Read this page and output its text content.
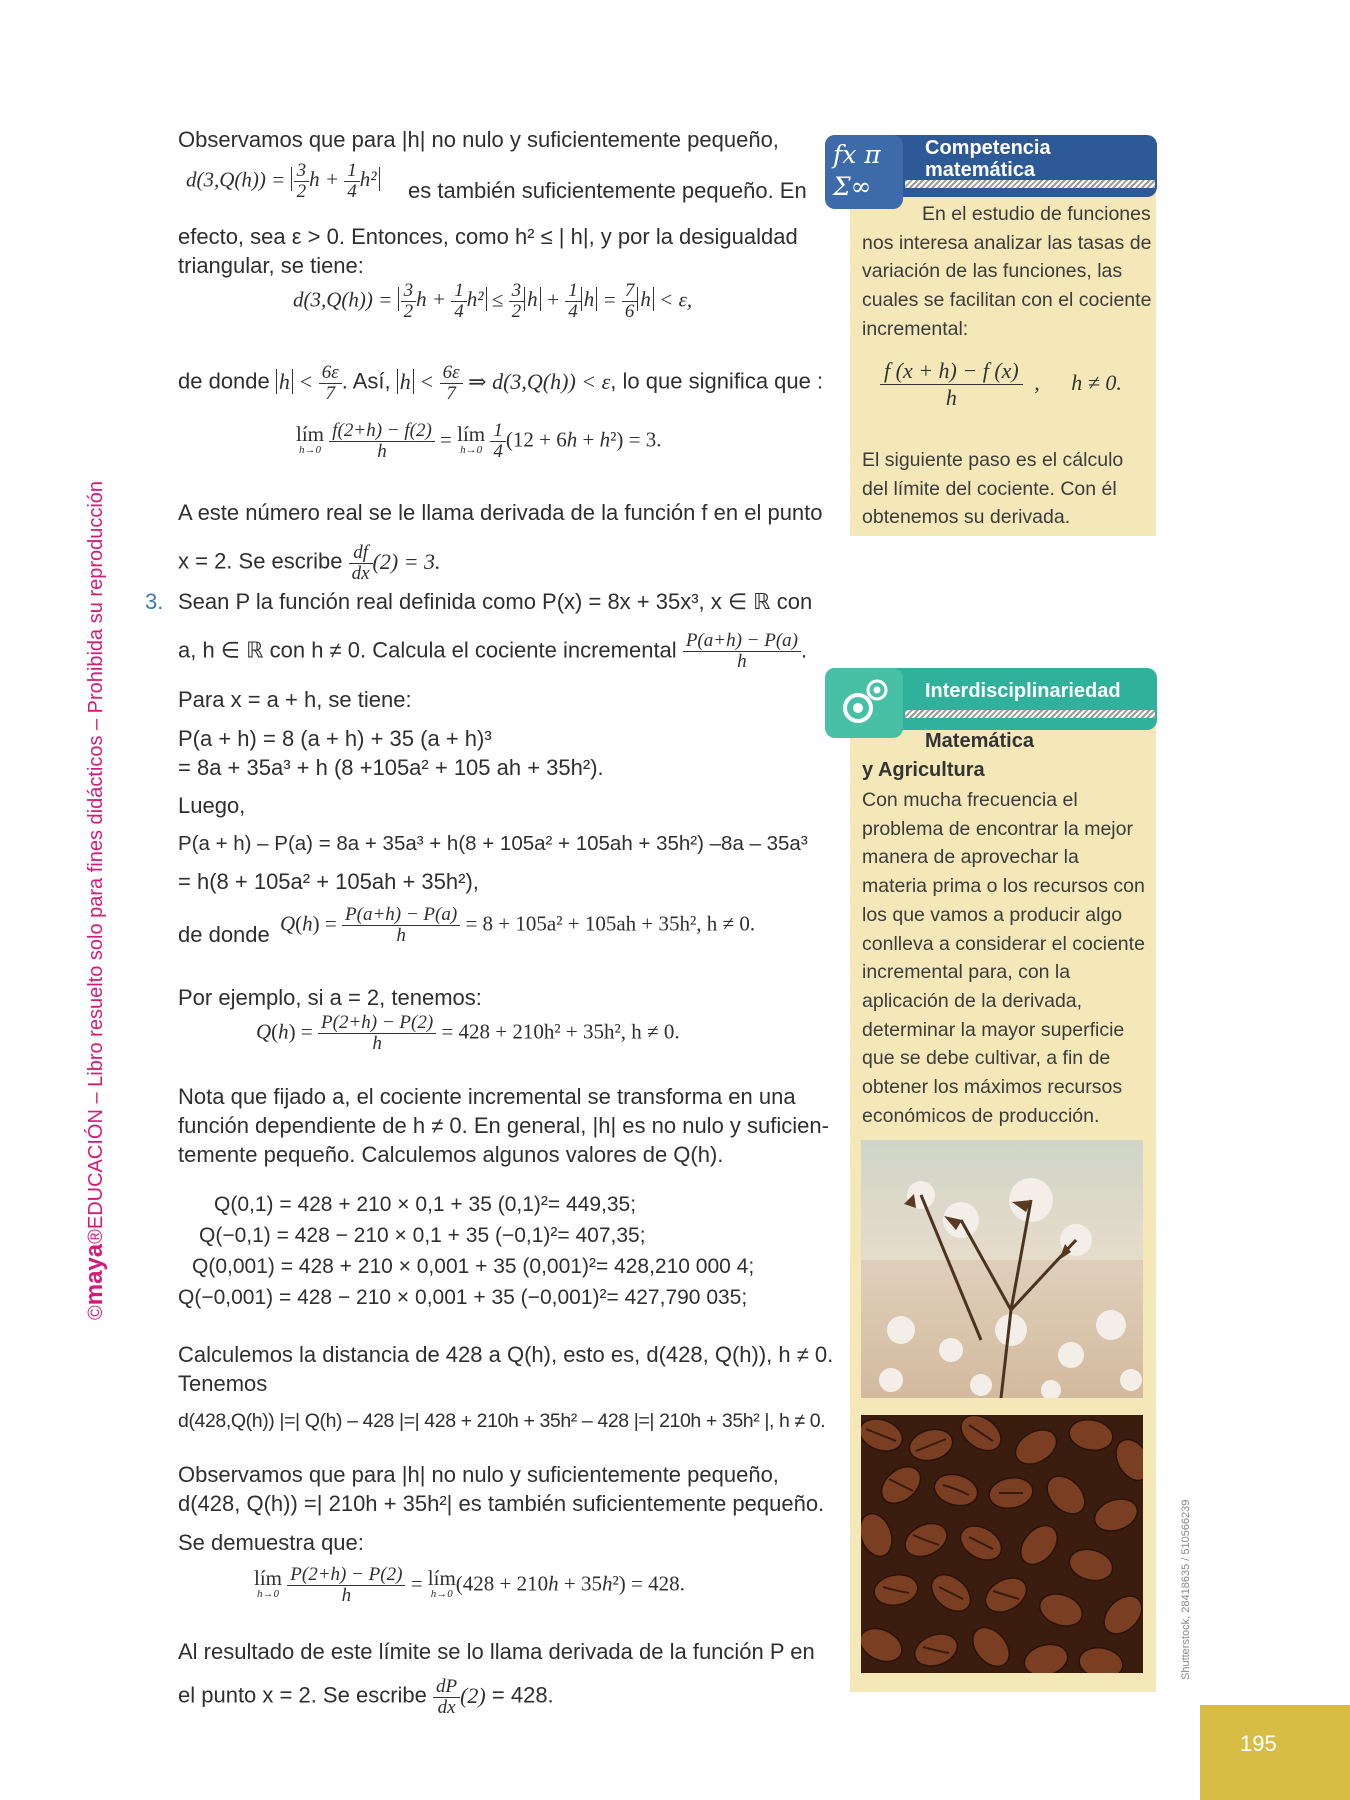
©maya®EDUCACIÓN – Libro resuelto solo para fines didácticos – Prohibida su reproducción
Shutterstock, 28418635 / 510566239
195
Observamos que para |h| no nulo y suficientemente pequeño,
$d(3,Q(h)) = \frac{3}{2}$ $h + \frac{1}{4} h^2$ es también suficientemente pequeño. En
efecto, sea ε > 0. Entonces, como h² ≤ | h|, y por la desigualdad
triangular, se tiene:
$d(3,Q(h)) = \frac{3}{2}$ $h + \frac{1}{4} h^2 \le \frac{3}{2}$ $h + \frac{1}{4}$ $h = \frac{7}{6}$ h < ε,
de donde $h < \frac{6\varepsilon}{7}$ . Así, $h < \frac{6\varepsilon}{7}$ ⇒ d(3,Q(h)) < ε, lo que significa que :
lím
h→0
$\frac{f(2+h) - f(2)}{h}$ = lím
h→0
$\frac{1}{4} (12 + 6h + h^2) = 3$.
A este número real se le llama derivada de la función f en el punto
x = 2. Se escribe $\frac{df}{dx} (2) = 3$.
3. Sean P la función real definida como P(x) = 8x + 35x³, x ∈ ℝ con
a, h ∈ ℝ con h ≠ 0. Calcula el cociente incremental $\frac{P(a+h) - P(a)}{h}$ .
Para x = a + h, se tiene:
P(a + h) = 8 (a + h) + 35 (a + h)³
= 8a + 35a³ + h (8 +105a² + 105 ah + 35h²).
Luego,
P(a + h) – P(a) = 8a + 35a³ + h(8 + 105a² + 105ah + 35h²) –8a – 35a³
= h(8 + 105a² + 105ah + 35h²),
de donde $Q(h) = \frac{P(a+h) - P(a)}{h} = 8 + 105a^2 + 105ah + 35h^2$, h ≠ 0.
Por ejemplo, si a = 2, tenemos:
$Q(h) = \frac{P(2+h) - P(2)}{h} = 428 + 210h^2 + 35h^2$, h ≠ 0.
Nota que fijado a, el cociente incremental se transforma en una
función dependiente de h ≠ 0. En general, |h| es no nulo y suficien-
temente pequeño. Calculemos algunos valores de Q(h).
Q(0,1) = 428 + 210 × 0,1 + 35 (0,1)²= 449,35;
Q(−0,1) = 428 − 210 × 0,1 + 35 (−0,1)²= 407,35;
Q(0,001) = 428 + 210 × 0,001 + 35 (0,001)²= 428,210 000 4;
Q(−0,001) = 428 − 210 × 0,001 + 35 (−0,001)²= 427,790 035;
Calculemos la distancia de 428 a Q(h), esto es, d(428, Q(h)), h ≠ 0.
Tenemos
d(428,Q(h)) |=| Q(h) – 428 |=| 428 + 210h + 35h² – 428 |=| 210h + 35h² |, h ≠ 0.
Observamos que para |h| no nulo y suficientemente pequeño,
d(428, Q(h)) =| 210h + 35h²| es también suficientemente pequeño.
Se demuestra que:
lím
h→0
$\frac{P(2+h) - P(2)}{h}$ = lím
h→0 (428 + 210h + 35h²) = 428.
Al resultado de este límite se lo llama derivada de la función P en
el punto x = 2. Se escribe $\frac{dP}{dx} (2) = 428$.
f𝑥 π Σ∞
Competencia
matemática
En el estudio de funciones nos interesa analizar las tasas de variación de las funciones, las cuales se facilitan con el cociente incremental:
$\frac{f (x + h) - f (x)}{h}$ , h ≠ 0.
El siguiente paso es el cálculo del límite del cociente. Con él obtenemos su derivada.
Interdisciplinariedad
Matemática
y Agricultura
Con mucha frecuencia el problema de encontrar la mejor manera de aprovechar la materia prima o los recursos con los que vamos a producir algo conlleva a considerar el cociente incremental para, con la aplicación de la derivada, determinar la mayor superficie que se debe cultivar, a fin de obtener los máximos recursos económicos de producción.
